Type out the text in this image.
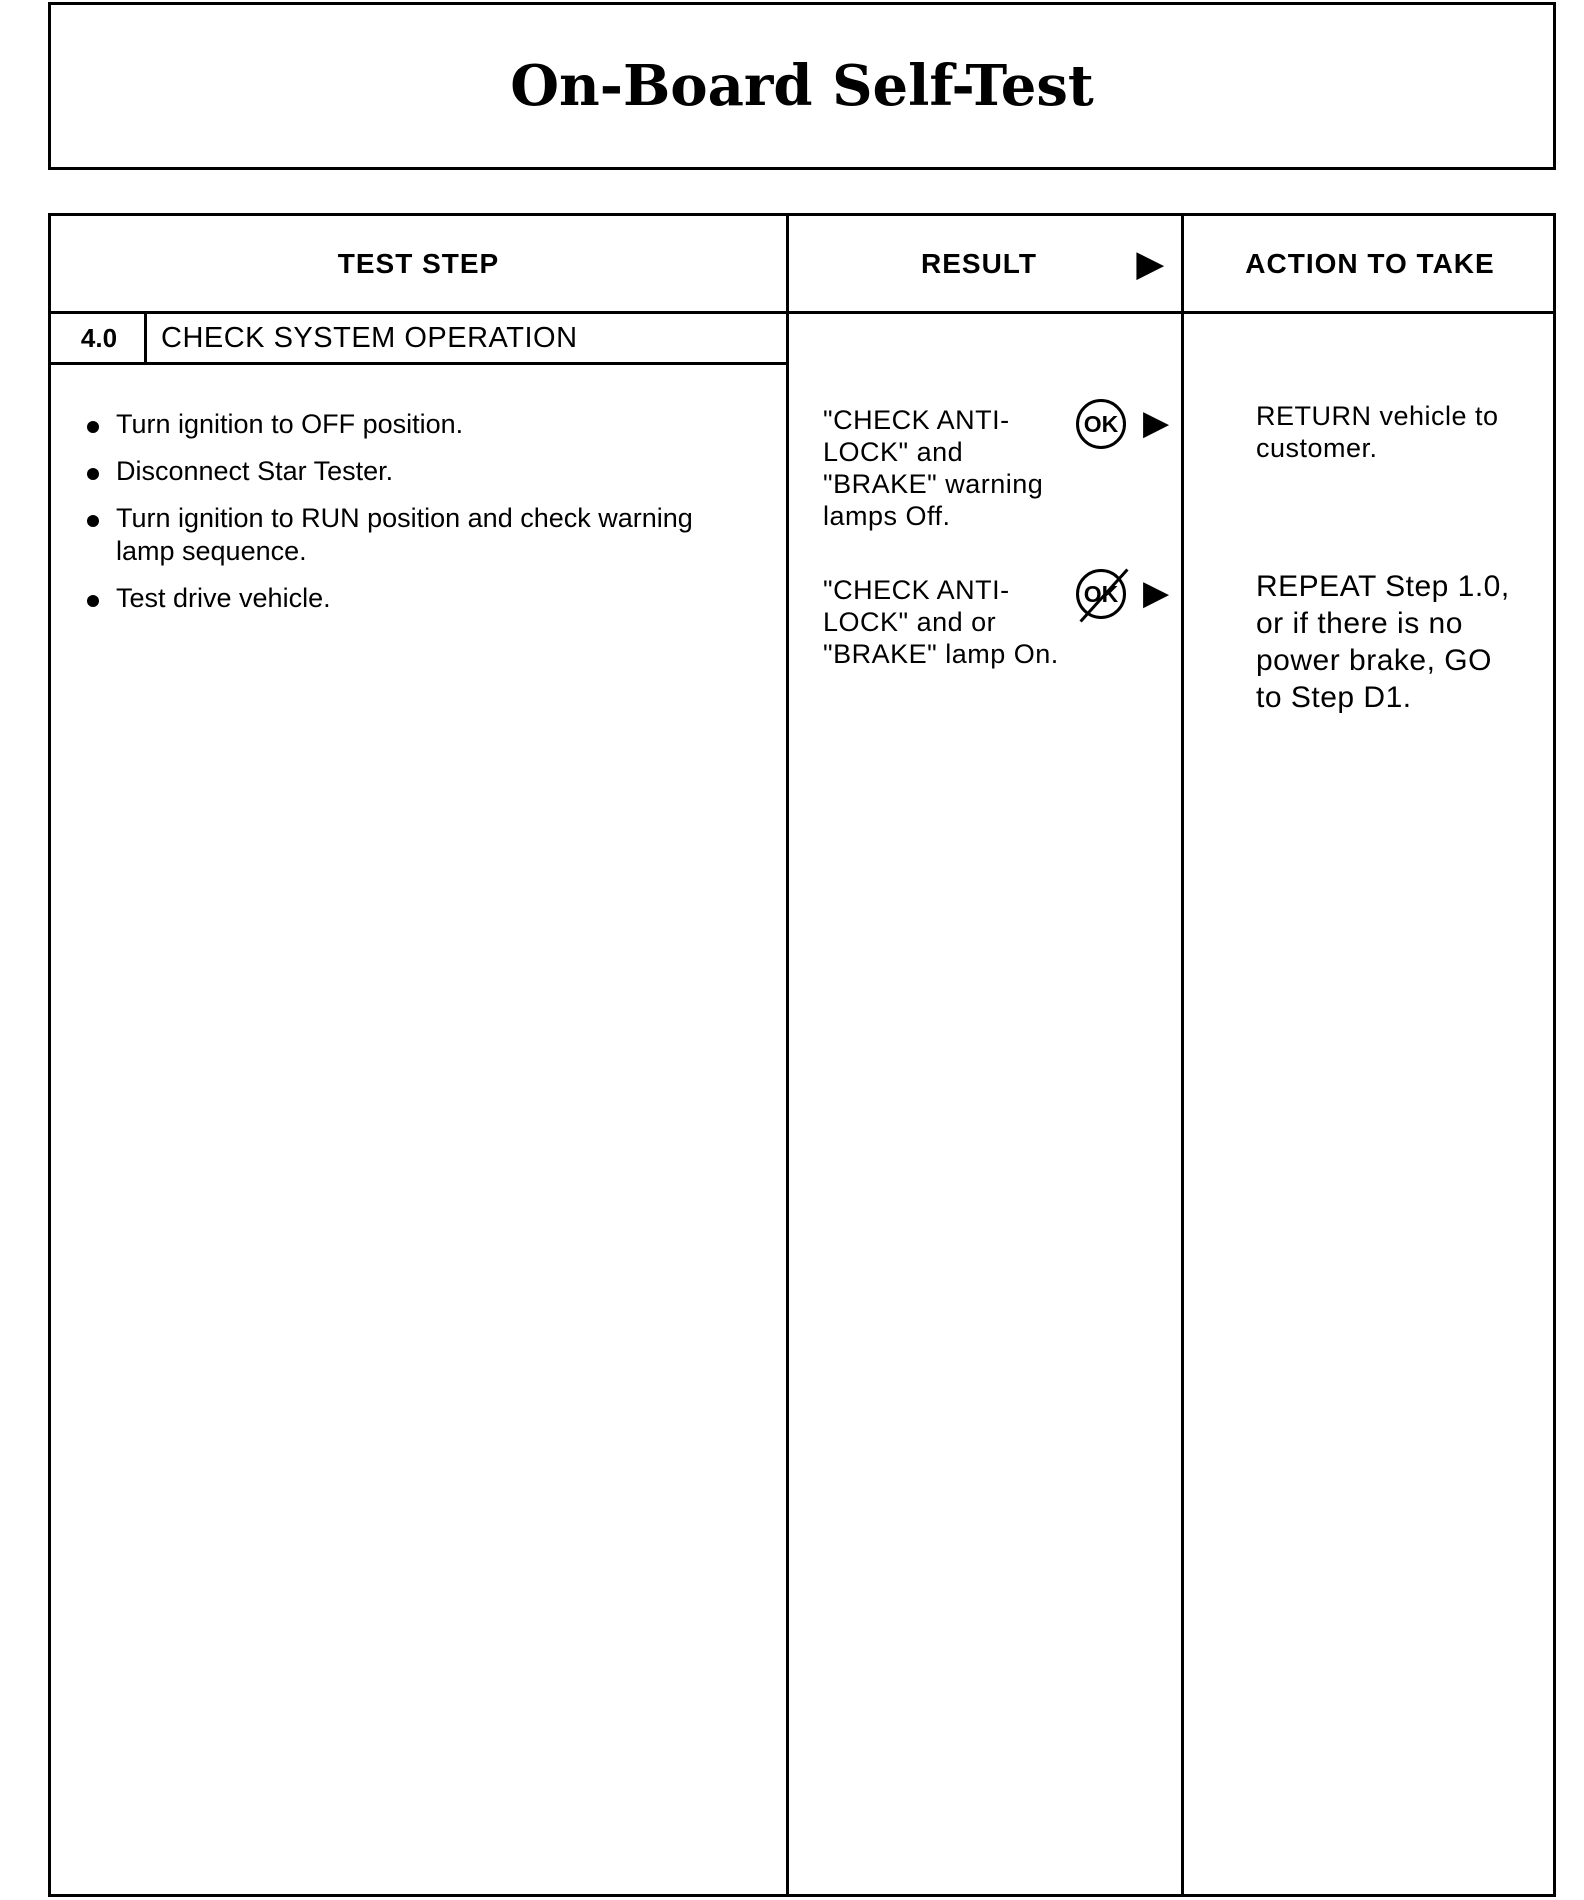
On-Board Self-Test
TEST STEP	RESULT	▶	ACTION TO TAKE
4.0	CHECK SYSTEM OPERATION
Turn ignition to OFF position.
Disconnect Star Tester.
Turn ignition to RUN position and check warning lamp sequence.
Test drive vehicle.
"CHECK ANTI-
LOCK" and
"BRAKE" warning
lamps Off.
OK ▶	RETURN vehicle to
customer.
"CHECK ANTI-
LOCK" and or
"BRAKE" lamp On.
OK ▶	REPEAT Step 1.0,
or if there is no
power brake, GO
to Step D1.
